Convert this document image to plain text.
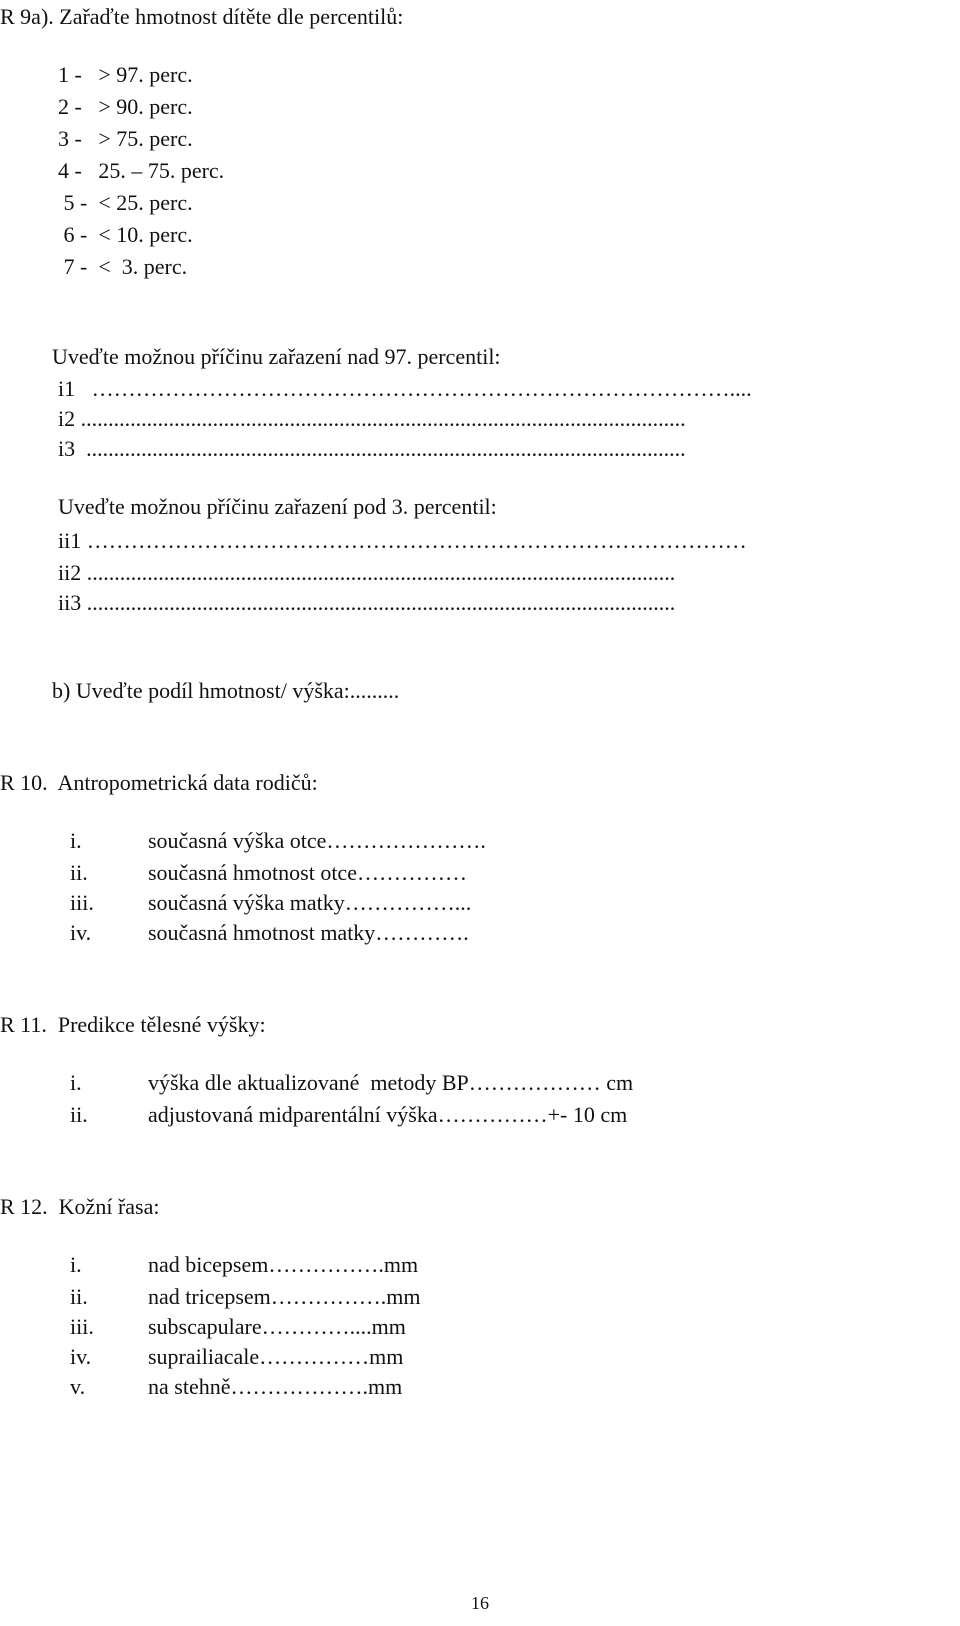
R 9a). Zařaďte hmotnost dítěte dle percentilů:
1 -   > 97. perc.
2 -   > 90. perc.
3 -   > 75. perc.
4 -   25. – 75. perc.
5 -  < 25. perc.
6 -  < 10. perc.
7 -  <  3. perc.
Uveďte možnou příčinu zařazení nad 97. percentil:
i1   ……………………………………………………………………………....
i2 ..............................................................................................................
i3  .............................................................................................................
Uveďte možnou příčinu zařazení pod 3. percentil:
ii1 ………………………………………………………………………………
ii2 ...........................................................................................................
ii3 ...........................................................................................................
b) Uveďte podíl hmotnost/ výška:.........
R 10.  Antropometrická data rodičů:
i.	současná výška otce………………….
ii.	současná hmotnost otce……………
iii. současná výška matky……………...
iv.	současná hmotnost matky………….
R 11.  Predikce tělesné výšky:
i.	výška dle aktualizované  metody BP……………… cm
ii.	adjustovaná midparentální výška……………+- 10 cm
R 12.  Kožní řasa:
i.	nad bicepsem…………….mm
ii.	nad tricepsem…………….mm
iii. subscapulare…………....mm
iv.	suprailiacale……………mm
v.	na stehně……………….mm
16
